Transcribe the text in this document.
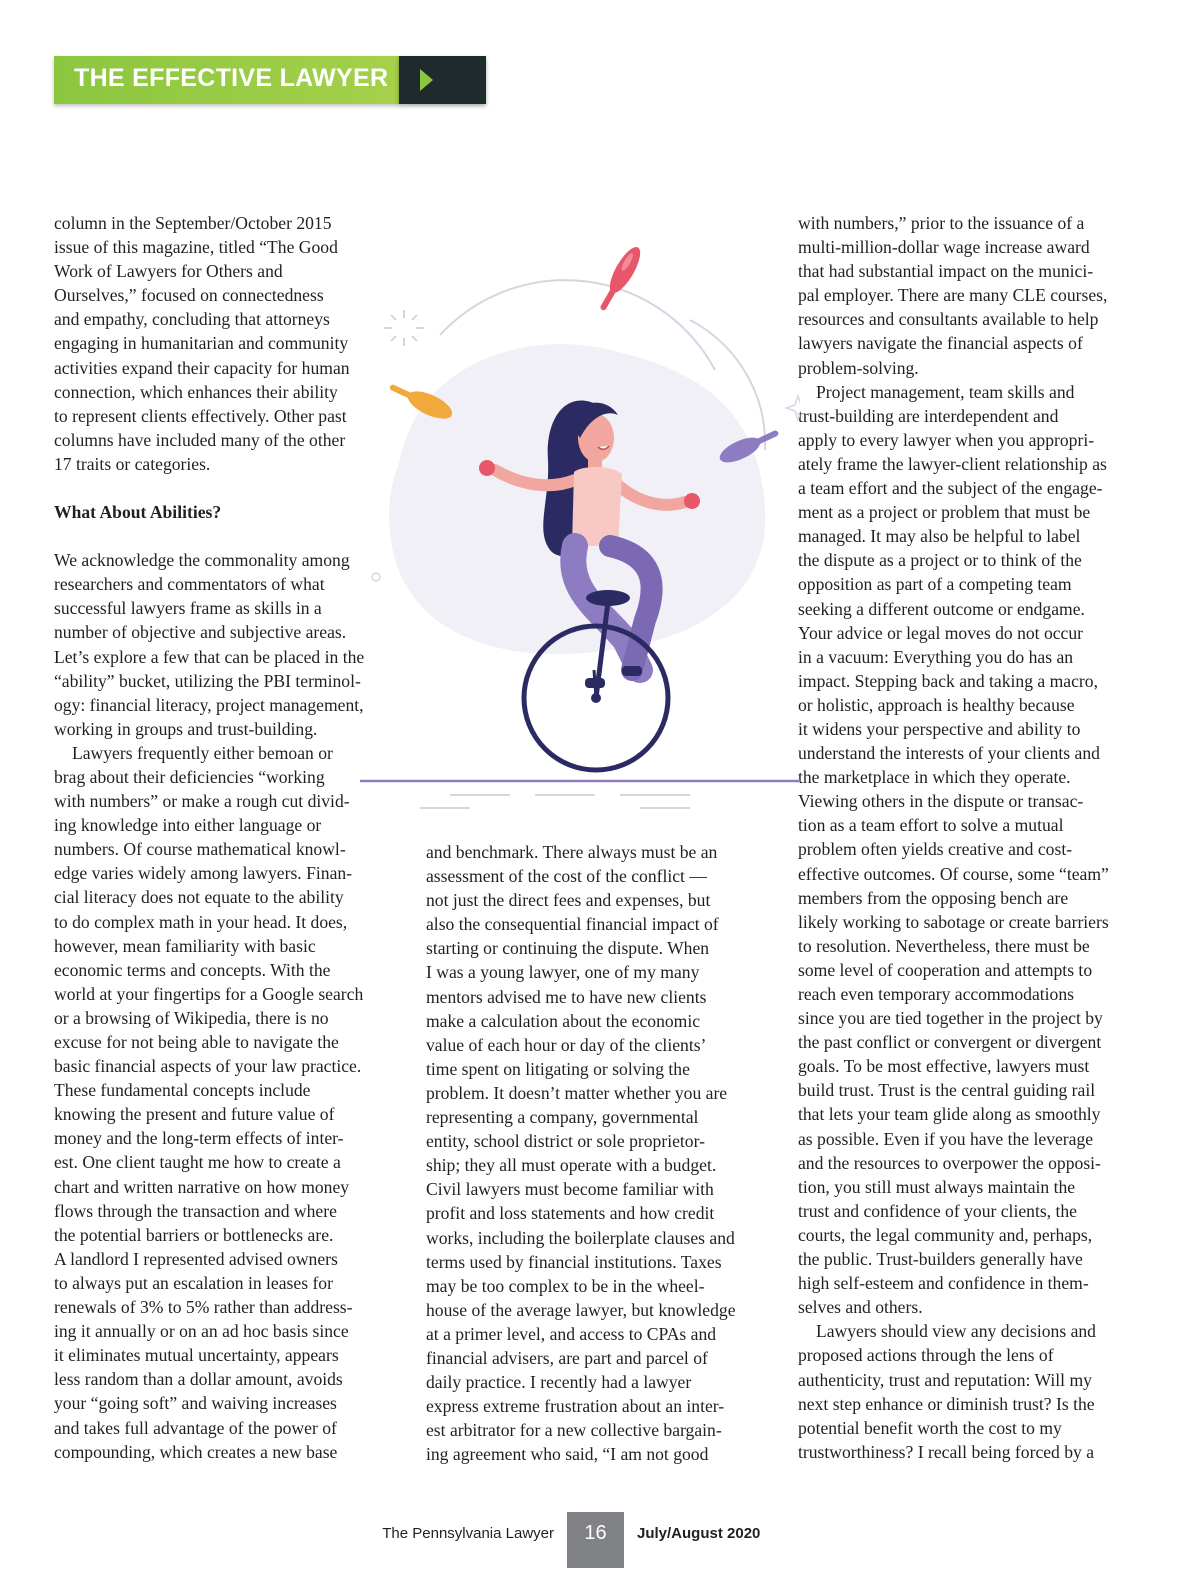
THE EFFECTIVE LAWYER

column in the September/October 2015

issue of this magazine, titled “The Good

Work of Lawyers for Others and

Ourselves,” focused on connectedness

and empathy, concluding that attorneys

engaging in humanitarian and community

activities expand their capacity for human

connection, which enhances their ability

to represent clients effectively. Other past

columns have included many of the other

17 traits or categories.

What About Abilities?

We acknowledge the commonality among

researchers and commentators of what

successful lawyers frame as skills in a

number of objective and subjective areas.

Let’s explore a few that can be placed in the

“ability” bucket, utilizing the PBI terminol-

ogy: financial literacy, project management,

working in groups and trust-building.

Lawyers frequently either bemoan or

brag about their deficiencies “working

with numbers” or make a rough cut divid-

ing knowledge into either language or

numbers. Of course mathematical knowl-

edge varies widely among lawyers. Finan-

cial literacy does not equate to the ability

to do complex math in your head. It does,

however, mean familiarity with basic

economic terms and concepts. With the

world at your fingertips for a Google search

or a browsing of Wikipedia, there is no

excuse for not being able to navigate the

basic financial aspects of your law practice.

These fundamental concepts include

knowing the present and future value of

money and the long-term effects of inter-

est. One client taught me how to create a

chart and written narrative on how money

flows through the transaction and where

the potential barriers or bottlenecks are.

A landlord I represented advised owners

to always put an escalation in leases for

renewals of 3% to 5% rather than address-

ing it annually or on an ad hoc basis since

it eliminates mutual uncertainty, appears

less random than a dollar amount, avoids

your “going soft” and waiving increases

and takes full advantage of the power of

compounding, which creates a new base

and benchmark. There always must be an

assessment of the cost of the conflict —

not just the direct fees and expenses, but

also the consequential financial impact of

starting or continuing the dispute. When

I was a young lawyer, one of my many

mentors advised me to have new clients

make a calculation about the economic

value of each hour or day of the clients’

time spent on litigating or solving the

problem. It doesn’t matter whether you are

representing a company, governmental

entity, school district or sole proprietor-

ship; they all must operate with a budget.

Civil lawyers must become familiar with

profit and loss statements and how credit

works, including the boilerplate clauses and

terms used by financial institutions. Taxes

may be too complex to be in the wheel-

house of the average lawyer, but knowledge

at a primer level, and access to CPAs and

financial advisers, are part and parcel of

daily practice. I recently had a lawyer

express extreme frustration about an inter-

est arbitrator for a new collective bargain-

ing agreement who said, “I am not good

with numbers,” prior to the issuance of a

multi-million-dollar wage increase award

that had substantial impact on the munici-

pal employer. There are many CLE courses,

resources and consultants available to help

lawyers navigate the financial aspects of

problem-solving.

Project management, team skills and

trust-building are interdependent and

apply to every lawyer when you appropri-

ately frame the lawyer-client relationship as

a team effort and the subject of the engage-

ment as a project or problem that must be

managed. It may also be helpful to label

the dispute as a project or to think of the

opposition as part of a competing team

seeking a different outcome or endgame.

Your advice or legal moves do not occur

in a vacuum: Everything you do has an

impact. Stepping back and taking a macro,

or holistic, approach is healthy because

it widens your perspective and ability to

understand the interests of your clients and

the marketplace in which they operate.

Viewing others in the dispute or transac-

tion as a team effort to solve a mutual

problem often yields creative and cost-

effective outcomes. Of course, some “team”

members from the opposing bench are

likely working to sabotage or create barriers

to resolution. Nevertheless, there must be

some level of cooperation and attempts to

reach even temporary accommodations

since you are tied together in the project by

the past conflict or convergent or divergent

goals. To be most effective, lawyers must

build trust. Trust is the central guiding rail

that lets your team glide along as smoothly

as possible. Even if you have the leverage

and the resources to overpower the opposi-

tion, you still must always maintain the

trust and confidence of your clients, the

courts, the legal community and, perhaps,

the public. Trust-builders generally have

high self-esteem and confidence in them-

selves and others.

Lawyers should view any decisions and

proposed actions through the lens of

authenticity, trust and reputation: Will my

next step enhance or diminish trust? Is the

potential benefit worth the cost to my

trustworthiness? I recall being forced by a

The Pennsylvania Lawyer	16	July/August 2020
